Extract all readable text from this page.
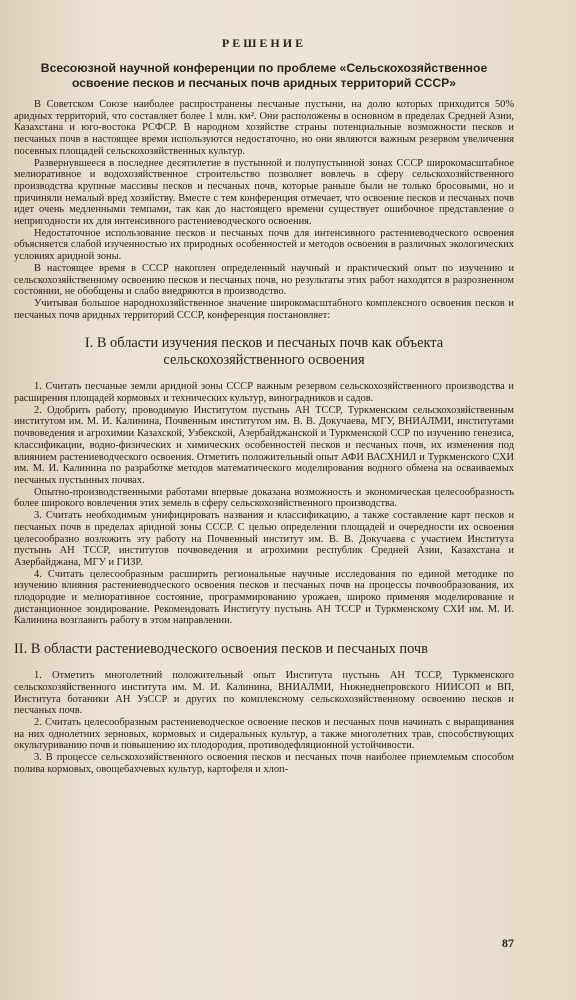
РЕШЕНИЕ
Всесоюзной научной конференции по проблеме «Сельскохозяйственное
освоение песков и песчаных почв аридных территорий СССР»

В Советском Союзе наиболее распространены песчаные пустыни, на долю которых приходится 50% аридных территорий, что составляет более 1 млн. км². Они расположены в основном в пределах Средней Азии, Казахстана и юго-востока РСФСР. В народном хозяйстве страны потенциальные возможности песков и песчаных почв в настоящее время используются недостаточно, но они являются важным резервом увеличения посевных площадей сельскохозяйственных культур.

Развернувшееся в последнее десятилетие в пустынной и полупустынной зонах СССР широкомасштабное мелиоративное и водохозяйственное строительство позволяет вовлечь в сферу сельскохозяйственного производства крупные массивы песков и песчаных почв, которые раньше были не только бросовыми, но и причиняли немалый вред хозяйству. Вместе с тем конференция отмечает, что освоение песков и песчаных почв идет очень медленными темпами, так как до настоящего времени существует ошибочное представление о непригодности их для интенсивного растениеводческого освоения.

Недостаточное использование песков и песчаных почв для интенсивного растениеводческого освоения объясняется слабой изученностью их природных особенностей и методов освоения в различных экологических условиях аридной зоны.

В настоящее время в СССР накоплен определенный научный и практический опыт по изучению и сельскохозяйственному освоению песков и песчаных почв, но результаты этих работ находятся в разрозненном состоянии, не обобщены и слабо внедряются в производство.

Учитывая большое народнохозяйственное значение широкомасштабного комплексного освоения песков и песчаных почв аридных территорий СССР, конференция постановляет:

I. В области изучения песков и песчаных почв как объекта сельскохозяйственного освоения

1. Считать песчаные земли аридной зоны СССР важным резервом сельскохозяйственного производства и расширения площадей кормовых и технических культур, виноградников и садов.

2. Одобрить работу, проводимую Институтом пустынь АН ТССР, Туркменским сельскохозяйственным институтом им. М. И. Калинина, Почвенным институтом им. В. В. Докучаева, МГУ, ВНИАЛМИ, институтами почвоведения и агрохимии Казахской, Узбекской, Азербайджанской и Туркменской ССР по изучению генезиса, классификации, водно-физических и химических особенностей песков и песчаных почв, их изменения под влиянием растениеводческого освоения. Отметить положительный опыт АФИ ВАСХНИЛ и Туркменского СХИ им. М. И. Калинина по разработке методов математического моделирования водного обмена на осваиваемых песчаных пустынных почвах.

Опытно-производственными работами впервые доказана возможность и экономическая целесообразность более широкого вовлечения этих земель в сферу сельскохозяйственного производства.

3. Считать необходимым унифицировать названия и классификацию, а также составление карт песков и песчаных почв в пределах аридной зоны СССР. С целью определения площадей и очередности их освоения целесообразно возложить эту работу на Почвенный институт им. В. В. Докучаева с участием Института пустынь АН ТССР, институтов почвоведения и агрохимии республик Средней Азии, Казахстана и Азербайджана, МГУ и ГИЗР.

4. Считать целесообразным расширить региональные научные исследования по единой методике по изучению влияния растениеводческого освоения песков и песчаных почв на процессы почвообразования, их плодородие и мелиоративное состояние, программированию урожаев, широко применяя моделирование и дистанционное зондирование. Рекомендовать Институту пустынь АН ТССР и Туркменскому СХИ им. М. И. Калинина возглавить работу в этом направлении.

II. В области растениеводческого освоения песков и песчаных почв

1. Отметить многолетний положительный опыт Института пустынь АН ТССР, Туркменского сельскохозяйственного института им. М. И. Калинина, ВНИАЛМИ, Нижнеднепровского НИИСОП и ВП, Института ботаники АН УзССР и других по комплексному сельскохозяйственному освоению песков и песчаных почв.

2. Считать целесообразным растениеводческое освоение песков и песчаных почв начинать с выращивания на них однолетних зерновых, кормовых и сидеральных культур, а также многолетних трав, способствующих окультуриванию почв и повышению их плодородия, противодефляционной устойчивости.

3. В процессе сельскохозяйственного освоения песков и песчаных почв наиболее приемлемым способом полива кормовых, овощебахчевых культур, картофеля и хлоп-

87
